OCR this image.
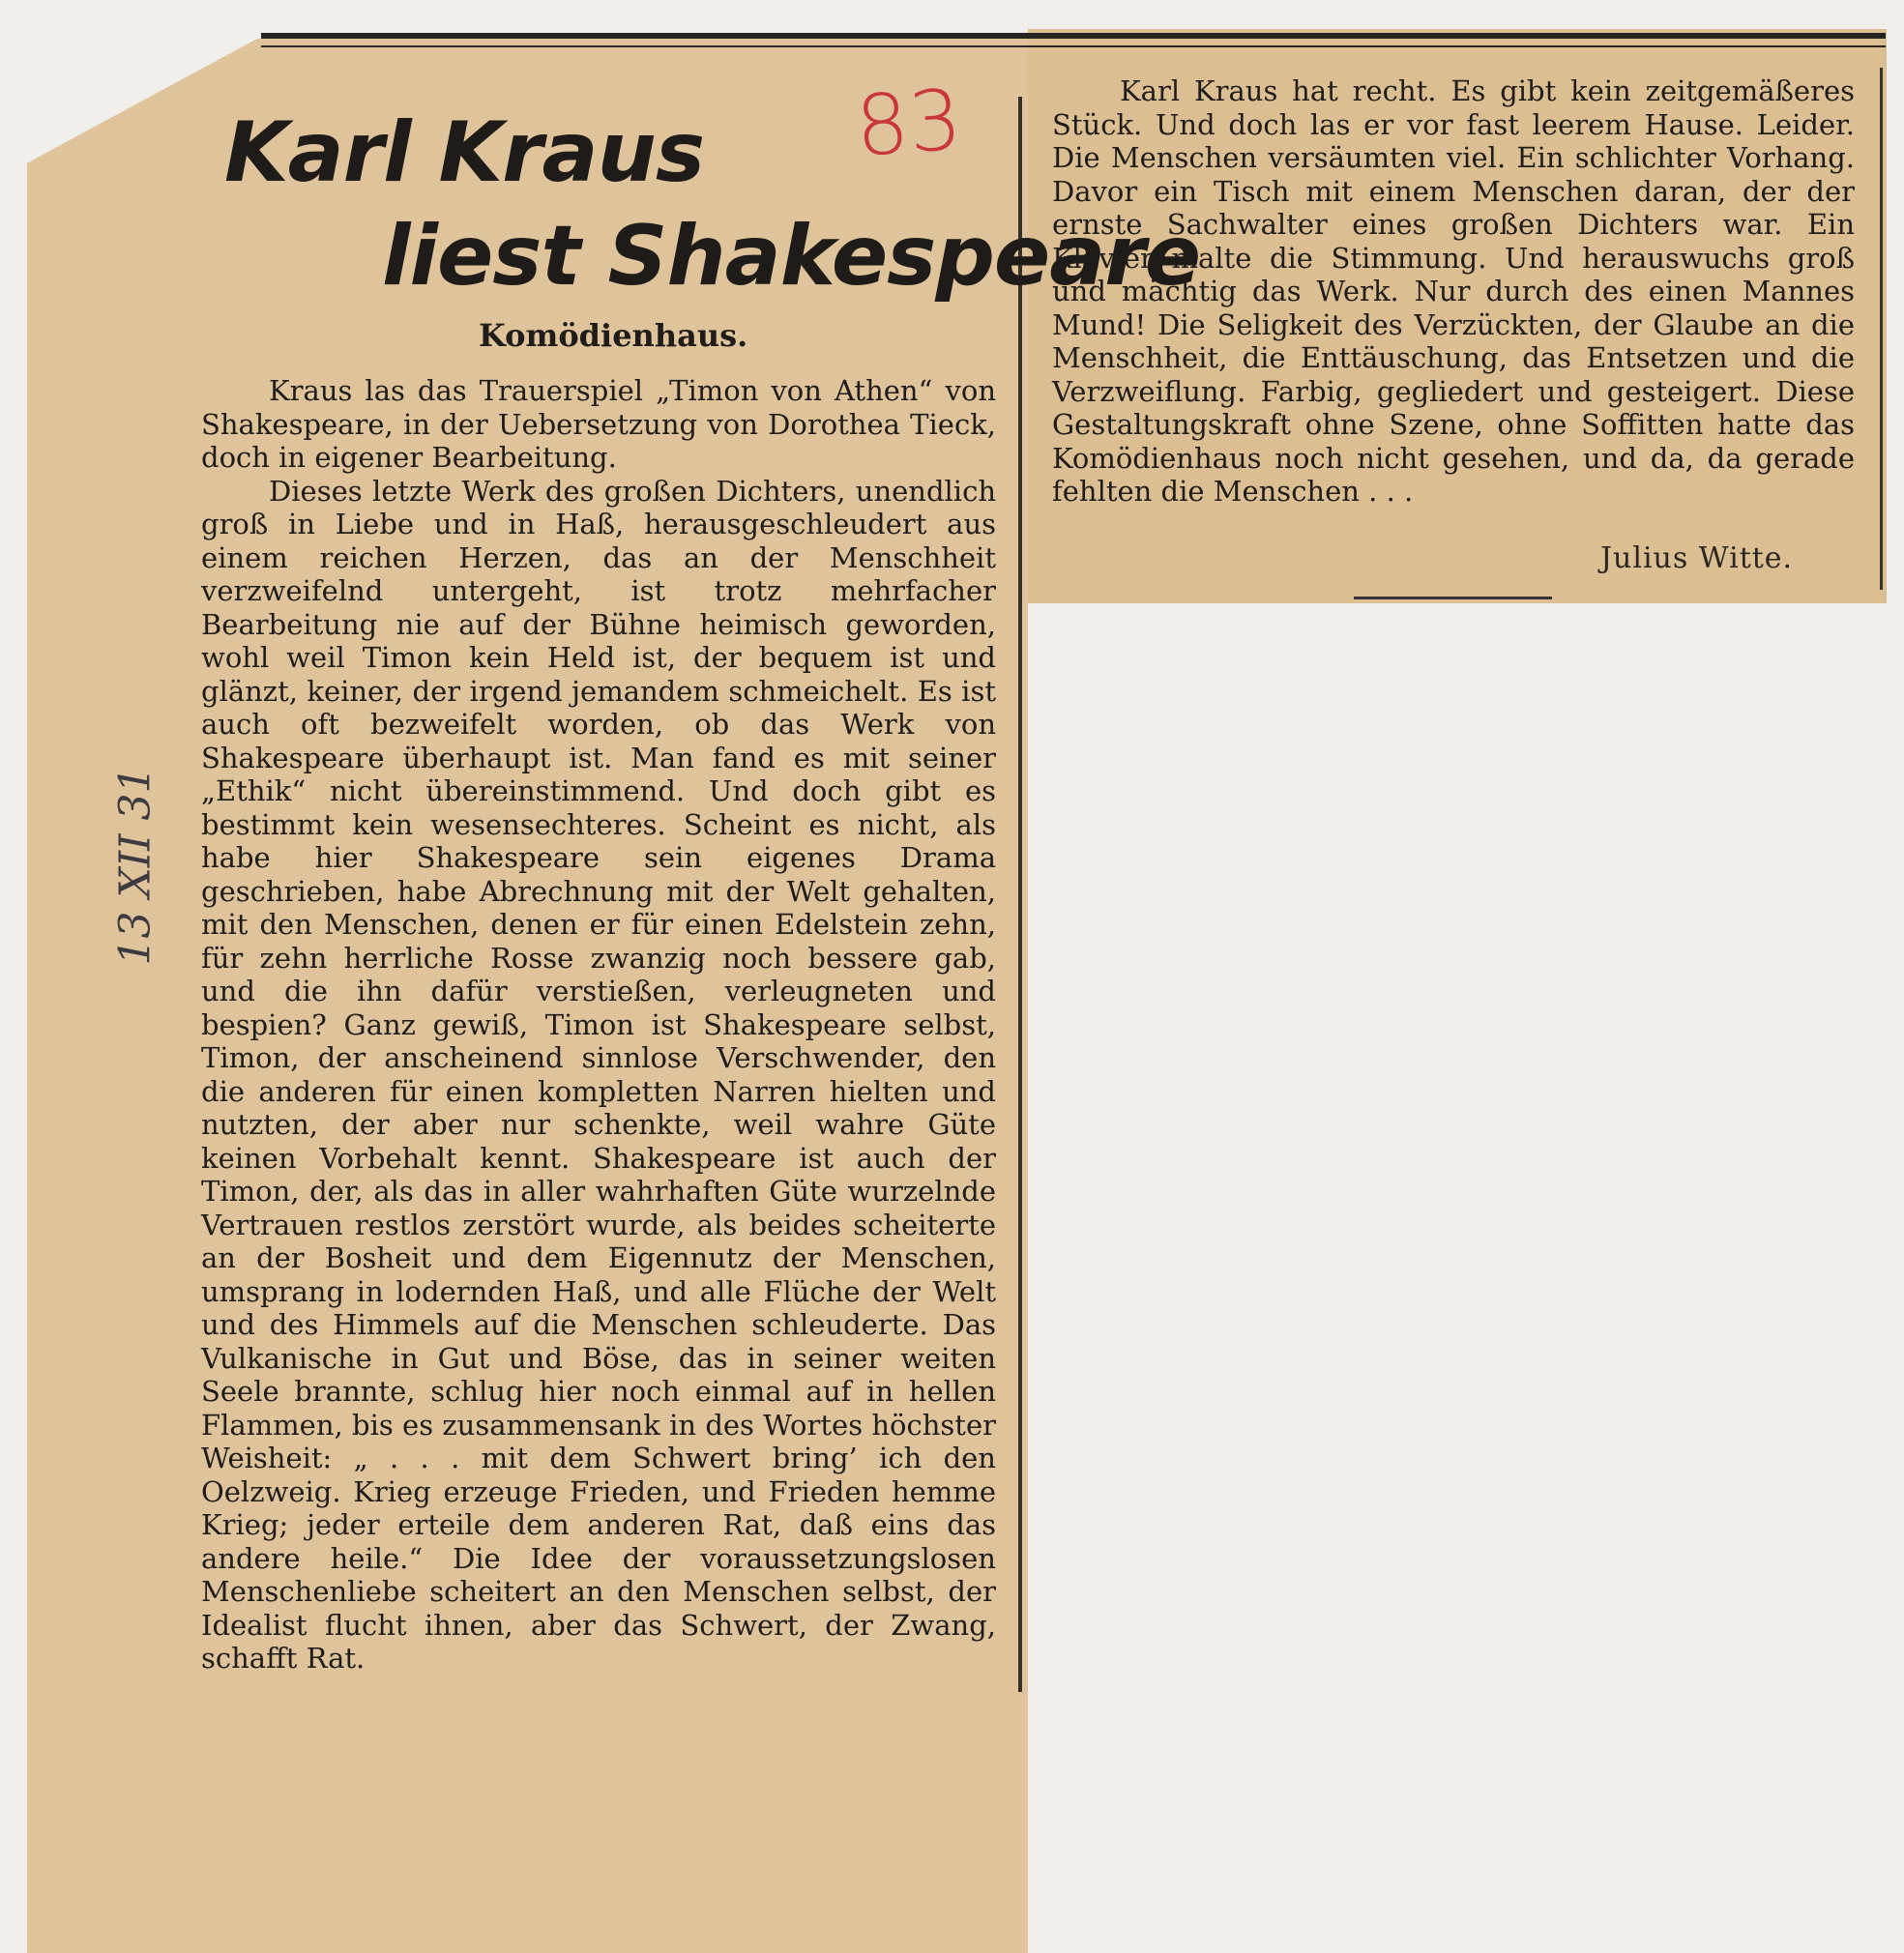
Karl Kraus
liest Shakespeare
Komödienhaus.
83
13 XII 31

Kraus las das Trauerspiel „Timon von Athen“ von Shakespeare, in der Uebersetzung von Dorothea Tieck, doch in eigener Bearbeitung.

Dieses letzte Werk des großen Dichters, unendlich groß in Liebe und in Haß, herausgeschleudert aus einem reichen Herzen, das an der Menschheit verzweifelnd untergeht, ist trotz mehrfacher Bearbeitung nie auf der Bühne heimisch geworden, wohl weil Timon kein Held ist, der bequem ist und glänzt, keiner, der irgend jemandem schmeichelt. Es ist auch oft bezweifelt worden, ob das Werk von Shakespeare überhaupt ist. Man fand es mit seiner „Ethik“ nicht übereinstimmend. Und doch gibt es bestimmt kein wesensechteres. Scheint es nicht, als habe hier Shakespeare sein eigenes Drama geschrieben, habe Abrechnung mit der Welt gehalten, mit den Menschen, denen er für einen Edelstein zehn, für zehn herrliche Rosse zwanzig noch bessere gab, und die ihn dafür verstießen, verleugneten und bespien? Ganz gewiß, Timon ist Shakespeare selbst, Timon, der anscheinend sinnlose Verschwender, den die anderen für einen kompletten Narren hielten und nutzten, der aber nur schenkte, weil wahre Güte keinen Vorbehalt kennt. Shakespeare ist auch der Timon, der, als das in aller wahrhaften Güte wurzelnde Vertrauen restlos zerstört wurde, als beides scheiterte an der Bosheit und dem Eigennutz der Menschen, umsprang in lodernden Haß, und alle Flüche der Welt und des Himmels auf die Menschen schleuderte. Das Vulkanische in Gut und Böse, das in seiner weiten Seele brannte, schlug hier noch einmal auf in hellen Flammen, bis es zusammensank in des Wortes höchster Weisheit: „ . . . mit dem Schwert bring’ ich den Oelzweig. Krieg erzeuge Frieden, und Frieden hemme Krieg; jeder erteile dem anderen Rat, daß eins das andere heile.“ Die Idee der voraussetzungslosen Menschenliebe scheitert an den Menschen selbst, der Idealist flucht ihnen, aber das Schwert, der Zwang, schafft Rat.

Karl Kraus hat recht. Es gibt kein zeitgemäßeres Stück. Und doch las er vor fast leerem Hause. Leider. Die Menschen versäumten viel. Ein schlichter Vorhang. Davor ein Tisch mit einem Menschen daran, der der ernste Sachwalter eines großen Dichters war. Ein Klavier malte die Stimmung. Und herauswuchs groß und mächtig das Werk. Nur durch des einen Mannes Mund! Die Seligkeit des Verzückten, der Glaube an die Menschheit, die Enttäuschung, das Entsetzen und die Verzweiflung. Farbig, gegliedert und gesteigert. Diese Gestaltungskraft ohne Szene, ohne Soffitten hatte das Komödienhaus noch nicht gesehen, und da, da gerade fehlten die Menschen . . .

Julius Witte.
